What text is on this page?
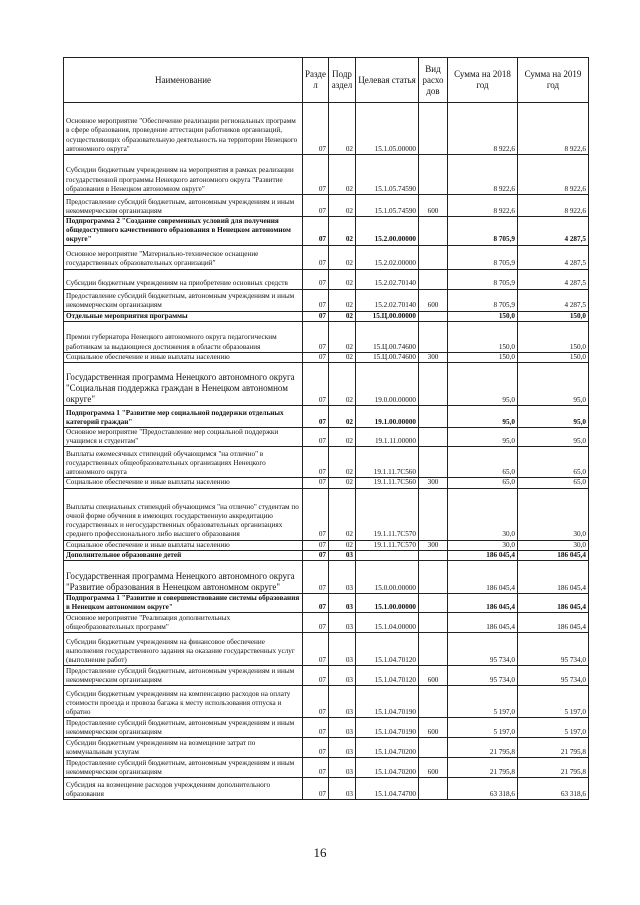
Наименование	Разде л	Подр аздел	Целевая статья	Вид расхо дов	Сумма на 2018 год	Сумма на 2019 год
Основное мероприятие "Обеспечение реализации региональных программ в сфере образования, проведение аттестации работников организаций, осуществляющих образовательную деятельность на территории Ненецкого автономного округа"	07	02	15.1.05.00000		8 922,6	8 922,6
Субсидии бюджетным учреждениям на мероприятия в рамках реализации государственной программы Ненецкого автономного округа "Развитие образования в Ненецком автономном округе"	07	02	15.1.05.74590		8 922,6	8 922,6
Предоставление субсидий бюджетным, автономным учреждениям и иным некоммерческим организациям	07	02	15.1.05.74590	600	8 922,6	8 922,6
Подпрограмма 2 "Создание современных условий для получения общедоступного качественного образования в Ненецком автономном округе"	07	02	15.2.00.00000		8 705,9	4 287,5
Основное мероприятие "Материально-техническое оснащение государственных образовательных организаций"	07	02	15.2.02.00000		8 705,9	4 287,5
Субсидии бюджетным учреждениям на приобретение основных средств	07	02	15.2.02.70140		8 705,9	4 287,5
Предоставление субсидий бюджетным, автономным учреждениям и иным некоммерческим организациям	07	02	15.2.02.70140	600	8 705,9	4 287,5
Отдельные мероприятия программы	07	02	15.Ц.00.00000		150,0	150,0
Премии губернатора Ненецкого автономного округа педагогическим работникам за выдающиеся достижения в области образования	07	02	15.Ц.00.74600		150,0	150,0
Социальное обеспечение и иные выплаты населению	07	02	15.Ц.00.74600	300	150,0	150,0
Государственная программа Ненецкого автономного округа "Социальная поддержка граждан в Ненецком автономном округе"	07	02	19.0.00.00000		95,0	95,0
Подпрограмма 1 "Развитие мер социальной поддержки отдельных категорий граждан"	07	02	19.1.00.00000		95,0	95,0
Основное мероприятие "Предоставление мер социальной поддержки учащимся и студентам"	07	02	19.1.11.00000		95,0	95,0
Выплаты ежемесячных стипендий обучающимся "на отлично" в государственных общеобразовательных организациях Ненецкого автономного округа	07	02	19.1.11.7С560		65,0	65,0
Социальное обеспечение и иные выплаты населению	07	02	19.1.11.7С560	300	65,0	65,0
Выплаты специальных стипендий обучающимся "на отлично" студентам по очной форме обучения в имеющих государственную аккредитацию государственных и негосударственных образовательных организациях среднего профессионального либо высшего образования	07	02	19.1.11.7С570		30,0	30,0
Социальное обеспечение и иные выплаты населению	07	02	19.1.11.7С570	300	30,0	30,0
Дополнительное образование детей	07	03			186 045,4	186 045,4
Государственная программа Ненецкого автономного округа "Развитие образования в Ненецком автономном округе"	07	03	15.0.00.00000		186 045,4	186 045,4
Подпрограмма 1 "Развитие и совершенствование системы образования в Ненецком автономном округе"	07	03	15.1.00.00000		186 045,4	186 045,4
Основное мероприятие "Реализация дополнительных общеобразовательных программ"	07	03	15.1.04.00000		186 045,4	186 045,4
Субсидии бюджетным учреждениям на финансовое обеспечение выполнения государственного задания на оказание государственных услуг (выполнение работ)	07	03	15.1.04.70120		95 734,0	95 734,0
Предоставление субсидий бюджетным, автономным учреждениям и иным некоммерческим организациям	07	03	15.1.04.70120	600	95 734,0	95 734,0
Субсидии бюджетным учреждениям на компенсацию расходов на оплату стоимости проезда и провоза багажа к месту использования отпуска и обратно	07	03	15.1.04.70190		5 197,0	5 197,0
Предоставление субсидий бюджетным, автономным учреждениям и иным некоммерческим организациям	07	03	15.1.04.70190	600	5 197,0	5 197,0
Субсидии бюджетным учреждениям на возмещение затрат по коммунальным услугам	07	03	15.1.04.70200		21 795,8	21 795,8
Предоставление субсидий бюджетным, автономным учреждениям и иным некоммерческим организациям	07	03	15.1.04.70200	600	21 795,8	21 795,8
Субсидия на возмещение расходов учреждениям дополнительного образования	07	03	15.1.04.74700		63 318,6	63 318,6
16
